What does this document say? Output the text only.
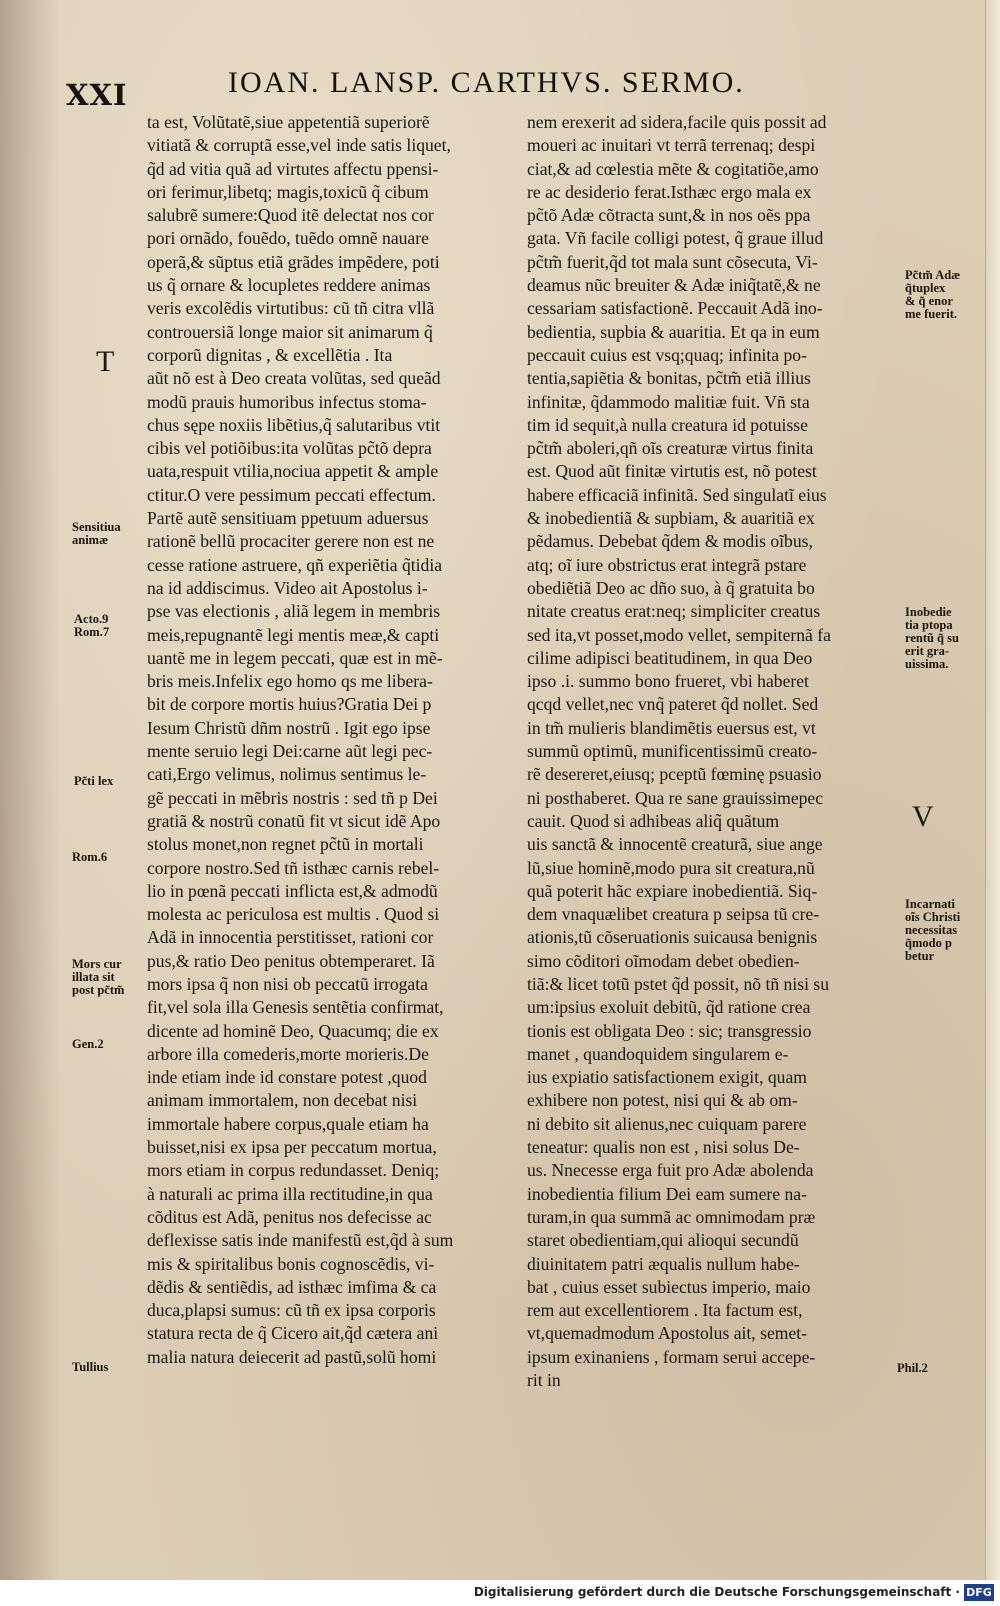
XXI	IOAN. LANSP. CARTHVS. SERMO.
ta est, Volũtatẽ,siue appetentiã superiorẽ
vitiatã & corruptã esse,vel inde satis liquet,
q̃d ad vitia quã ad virtutes affectu ppensi-
ori ferimur,libetq; magis,toxicũ q̃ cibum
salubrẽ sumere:Quod itẽ delectat nos cor
pori ornãdo, fouẽdo, tuẽdo omnẽ nauare
operã,& sũptus etiã grãdes impẽdere, poti
us q̃ ornare & locupletes reddere animas
veris excolẽdis virtutibus: cũ tñ citra vllã
controuersiã longe maior sit animarum q̃
corporũ dignitas , & excellẽtia . Ita
aũt nõ est à Deo creata volũtas, sed queãd
modũ prauis humoribus infectus stoma-
chus sępe noxiis libẽtius,q̃ salutaribus vtit
cibis vel potiõibus:ita volũtas pc̃tõ depra
uata,respuit vtilia,nociua appetit & ample
ctitur.O vere pessimum peccati effectum.
Partẽ autẽ sensitiuam ppetuum aduersus
rationẽ bellũ procaciter gerere non est ne
cesse ratione astruere, qñ experiẽtia q̃tidia
na id addiscimus. Video ait Apostolus i-
pse vas electionis , aliã legem in membris
meis,repugnantẽ legi mentis meæ,& capti
uantẽ me in legem peccati, quæ est in mẽ-
bris meis.Infelix ego homo qs me libera-
bit de corpore mortis huius?Gratia Dei p
Iesum Christũ dñm nostrũ . Igit ego ipse
mente seruio legi Dei:carne aũt legi pec-
cati,Ergo velimus, nolimus sentimus le-
gẽ peccati in mẽbris nostris : sed tñ p Dei
gratiã & nostrũ conatũ fit vt sicut idẽ Apo
stolus monet,non regnet pc̃tũ in mortali
corpore nostro.Sed tñ isthæc carnis rebel-
lio in pœnã peccati inflicta est,& admodũ
molesta ac periculosa est multis . Quod si
Adã in innocentia perstitisset, rationi cor
pus,& ratio Deo penitus obtemperaret. Iã
mors ipsa q̃ non nisi ob peccatũ irrogata
fit,vel sola illa Genesis sentẽtia confirmat,
dicente ad hominẽ Deo, Quacumq; die ex
arbore illa comederis,morte morieris.De
inde etiam inde id constare potest ,quod
animam immortalem, non decebat nisi
immortale habere corpus,quale etiam ha
buisset,nisi ex ipsa per peccatum mortua,
mors etiam in corpus redundasset. Deniq;
à naturali ac prima illa rectitudine,in qua
cõditus est Adã, penitus nos defecisse ac
deflexisse satis inde manifestũ est,q̃d à sum
mis & spiritalibus bonis cognoscẽdis, vi-
dẽdis & sentiẽdis, ad isthæc imfima & ca
duca,plapsi sumus: cũ tñ ex ipsa corporis
statura recta de q̃ Cicero ait,q̃d cætera ani
malia natura deiecerit ad pastũ,solũ homi
nem erexerit ad sidera,facile quis possit ad
moueri ac inuitari vt terrã terrenaq; despi
ciat,& ad cœlestia mẽte & cogitatiõe,amo
re ac desiderio ferat.Isthæc ergo mala ex
pc̃tõ Adæ cõtracta sunt,& in nos oẽs ppa
gata. Vñ facile colligi potest, q̃ graue illud
pc̃tm̃ fuerit,q̃d tot mala sunt cõsecuta, Vi-
deamus nũc breuiter & Adæ iniq̃tatẽ,& ne
cessariam satisfactionẽ. Peccauit Adã ino-
bedientia, supbia & auaritia. Et qa in eum
peccauit cuius est vsq;quaq; infinita po-
tentia,sapiẽtia & bonitas, pc̃tm̃ etiã illius
infinitæ, q̃dammodo malitiæ fuit. Vñ sta
tim id sequit,à nulla creatura id potuisse
pc̃tm̃ aboleri,qñ oĩs creaturæ virtus finita
est. Quod aũt finitæ virtutis est, nõ potest
habere efficaciã infinitã. Sed singulatĩ eius
& inobedientiã & supbiam, & auaritiã ex
pẽdamus. Debebat q̃dem & modis oĩbus,
atq; oĩ iure obstrictus erat integrã pstare
obediẽtiã Deo ac dño suo, à q̃ gratuita bo
nitate creatus erat:neq; simpliciter creatus
sed ita,vt posset,modo vellet, sempiternã fa
cilime adipisci beatitudinem, in qua Deo
ipso .i. summo bono frueret, vbi haberet
qcqd vellet,nec vnq̃ pateret q̃d nollet. Sed
in tm̃ mulieris blandimẽtis euersus est, vt
summũ optimũ, munificentissimũ creato-
rẽ desereret,eiusq; pceptũ fœminę psuasio
ni posthaberet. Qua re sane grauissimepec
cauit. Quod si adhibeas aliq̃ quãtum
uis sanctã & innocentẽ creaturã, siue ange
lũ,siue hominẽ,modo pura sit creatura,nũ
quã poterit hãc expiare inobedientiã. Siq-
dem vnaquælibet creatura p seipsa tũ cre-
ationis,tũ cõseruationis suicausa benignis
simo cõditori oĩmodam debet obedien-
tiã:& licet totũ pstet q̃d possit, nõ tñ nisi su
um:ipsius exoluit debitũ, q̃d ratione crea
tionis est obligata Deo : sic; transgressio
manet , quandoquidem singularem e-
ius expiatio satisfactionem exigit, quam
exhibere non potest, nisi qui & ab om-
ni debito sit alienus,nec cuiquam parere
teneatur: qualis non est , nisi solus De-
us. Nnecesse erga fuit pro Adæ abolenda
inobedientia filium Dei eam sumere na-
turam,in qua summã ac omnimodam præ
staret obedientiam,qui alioqui secundũ
diuinitatem patri æqualis nullum habe-
bat , cuius esset subiectus imperio, maio
rem aut excellentiorem . Ita factum est,
vt,quemadmodum Apostolus ait, semet-
ipsum exinaniens , formam serui accepe-
rit in
T
V
Sensitiua
animæ
Acto.9
Rom.7
Pc̃ti lex
Rom.6
Mors cur
illata sit
post pc̃tm̃
Gen.2
Tullius
Pc̃tm̃ Adæ
q̃tuplex
& q̃ enor
me fuerit.
Inobedie
tia ptopa
rentũ q̃ su
erit gra-
uissima.
Incarnati
oĩs Christi
necessitas
q̃modo p
betur
Phil.2
Digitalisierung gefördert durch die Deutsche Forschungsgemeinschaft · DFG
